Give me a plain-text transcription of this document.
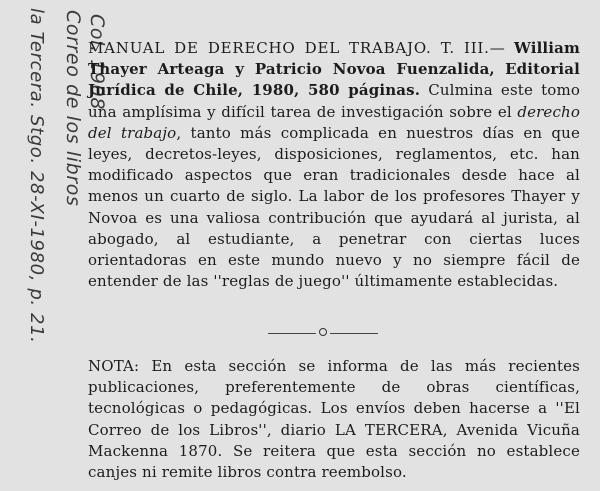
la Tercera. Stgo. 28-XI-1980, p. 21. Correo de los libros Col. 1908
MANUAL DE DERECHO DEL TRABAJO. T. III.— William Thayer Arteaga y Patricio Novoa Fuenzalida, Editorial Jurídica de Chile, 1980, 580 páginas. Culmina este tomo una amplísima y difícil tarea de investigación sobre el derecho del trabajo, tanto más complicada en nuestros días en que leyes, decretos-leyes, disposiciones, reglamentos, etc. han modificado aspectos que eran tradicionales desde hace al menos un cuarto de siglo. La labor de los profesores Thayer y Novoa es una valiosa contribución que ayudará al jurista, al abogado, al estudiante, a penetrar con ciertas luces orientadoras en este mundo nuevo y no siempre fácil de entender de las ''reglas de juego'' últimamente establecidas.
NOTA: En esta sección se informa de las más recientes publicaciones, preferentemente de obras científicas, tecnológicas o pedagógicas. Los envíos deben hacerse a ''El Correo de los Libros'', diario LA TERCERA, Avenida Vicuña Mackenna 1870. Se reitera que esta sección no establece canjes ni remite libros contra reembolso.
